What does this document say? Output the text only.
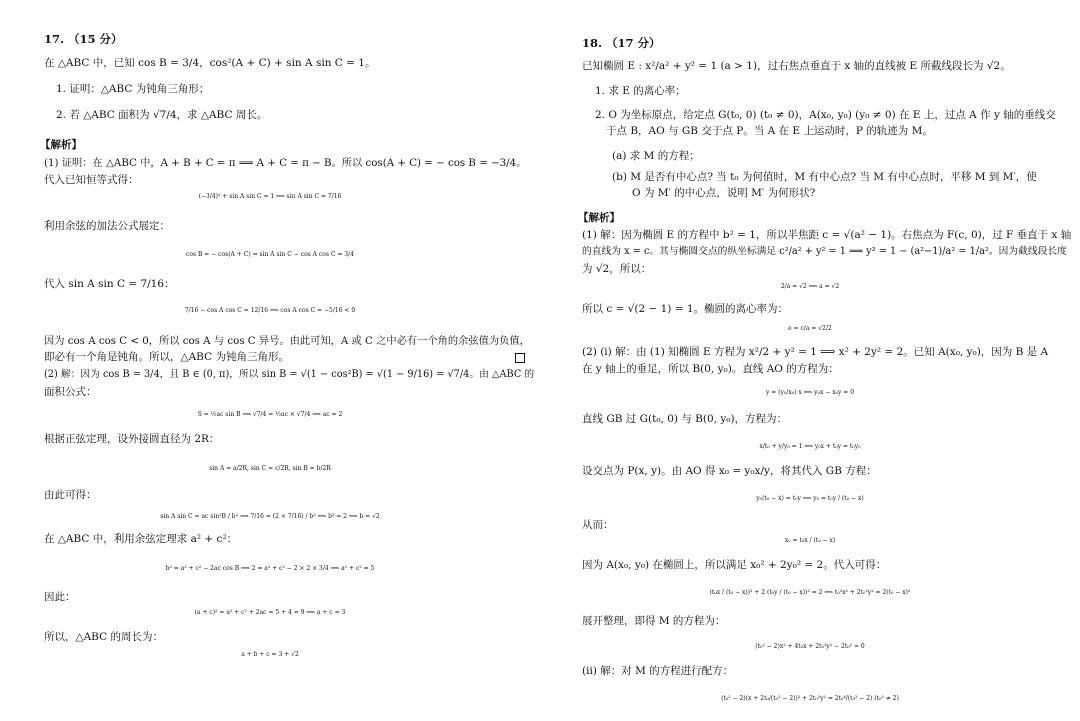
17. （15 分）
在 △ABC 中，已知 cos B = 3/4，cos²(A + C) + sin A sin C = 1。
1. 证明：△ABC 为钝角三角形；
2. 若 △ABC 面积为 √7/4，求 △ABC 周长。
【解析】
(1) 证明：在 △ABC 中，A + B + C = π ⟹ A + C = π − B。所以 cos(A + C) = − cos B = −3/4。
代入已知恒等式得：
(−3/4)² + sin A sin C = 1 ⟹ sin A sin C = 7/16
利用余弦的加法公式展定：
cos B = − cos(A + C) = sin A sin C − cos A cos C = 3/4
代入 sin A sin C = 7/16：
7/16 − cos A cos C = 12/16 ⟹ cos A cos C = −5/16 < 0
因为 cos A cos C < 0，所以 cos A 与 cos C 异号。由此可知，A 或 C 之中必有一个角的余弦值为负值，
即必有一个角是钝角。所以，△ABC 为钝角三角形。
(2) 解：因为 cos B = 3/4，且 B ∈ (0, π)，所以 sin B = √(1 − cos²B) = √(1 − 9/16) = √7/4。由 △ABC 的
面积公式：
S = ½ac sin B ⟹ √7/4 = ½ac × √7/4 ⟹ ac = 2
根据正弦定理，设外接圆直径为 2R：
sin A = a/2R, sin C = c/2R, sin B = b/2R
由此可得：
sin A sin C = ac sin²B / b² ⟹ 7/16 = (2 × 7/16) / b² ⟹ b² = 2 ⟹ b = √2
在 △ABC 中，利用余弦定理求 a² + c²：
b² = a² + c² − 2ac cos B ⟹ 2 = a² + c² − 2 × 2 × 3/4 ⟹ a² + c² = 5
因此：
(a + c)² = a² + c² + 2ac = 5 + 4 = 9 ⟹ a + c = 3
所以，△ABC 的周长为：
a + b + c = 3 + √2
18. （17 分）
已知椭圆 E : x²/a² + y² = 1 (a > 1)，过右焦点垂直于 x 轴的直线被 E 所截线段长为 √2。
1. 求 E 的离心率；
2. O 为坐标原点，给定点 G(t₀, 0) (t₀ ≠ 0)，A(x₀, y₀) (y₀ ≠ 0) 在 E 上，过点 A 作 y 轴的垂线交
于点 B，AO 与 GB 交于点 P。当 A 在 E 上运动时，P 的轨迹为 M。
(a) 求 M 的方程；
(b) M 是否有中心点? 当 t₀ 为何值时，M 有中心点? 当 M 有中心点时，平移 M 到 M′，使
O 为 M′ 的中心点，说明 M′ 为何形状?
【解析】
(1) 解：因为椭圆 E 的方程中 b² = 1，所以半焦距 c = √(a² − 1)。右焦点为 F(c, 0)，过 F 垂直于 x 轴
的直线为 x = c。其与椭圆交点的纵坐标满足 c²/a² + y² = 1 ⟹ y² = 1 − (a²−1)/a² = 1/a²。因为截线段长度
为 √2，所以：
2/a = √2 ⟹ a = √2
所以 c = √(2 − 1) = 1。椭圆的离心率为：
e = c/a = √2/2
(2) (i) 解：由 (1) 知椭圆 E 方程为 x²/2 + y² = 1 ⟹ x² + 2y² = 2。已知 A(x₀, y₀)，因为 B 是 A
在 y 轴上的垂足，所以 B(0, y₀)。直线 AO 的方程为：
y = (y₀/x₀) x ⟹ y₀x − x₀y = 0
直线 GB 过 G(t₀, 0) 与 B(0, y₀)，方程为：
x/t₀ + y/y₀ = 1 ⟹ y₀x + t₀y = t₀y₀
设交点为 P(x, y)。由 AO 得 x₀ = y₀x/y，将其代入 GB 方程：
y₀(t₀ − x) = t₀y ⟹ y₀ = t₀y / (t₀ − x)
从而：
x₀ = t₀x / (t₀ − x)
因为 A(x₀, y₀) 在椭圆上，所以满足 x₀² + 2y₀² = 2。代入可得：
(t₀x / (t₀ − x))² + 2 (t₀y / (t₀ − x))² = 2 ⟹ t₀²x² + 2t₀²y² = 2(t₀ − x)²
展开整理，即得 M 的方程为：
(t₀² − 2)x² + 4t₀x + 2t₀²y² − 2t₀² = 0
(ii) 解：对 M 的方程进行配方：
(t₀² − 2)(x + 2t₀/(t₀² − 2))² + 2t₀²y² = 2t₀⁴/(t₀² − 2) (t₀² ≠ 2)
